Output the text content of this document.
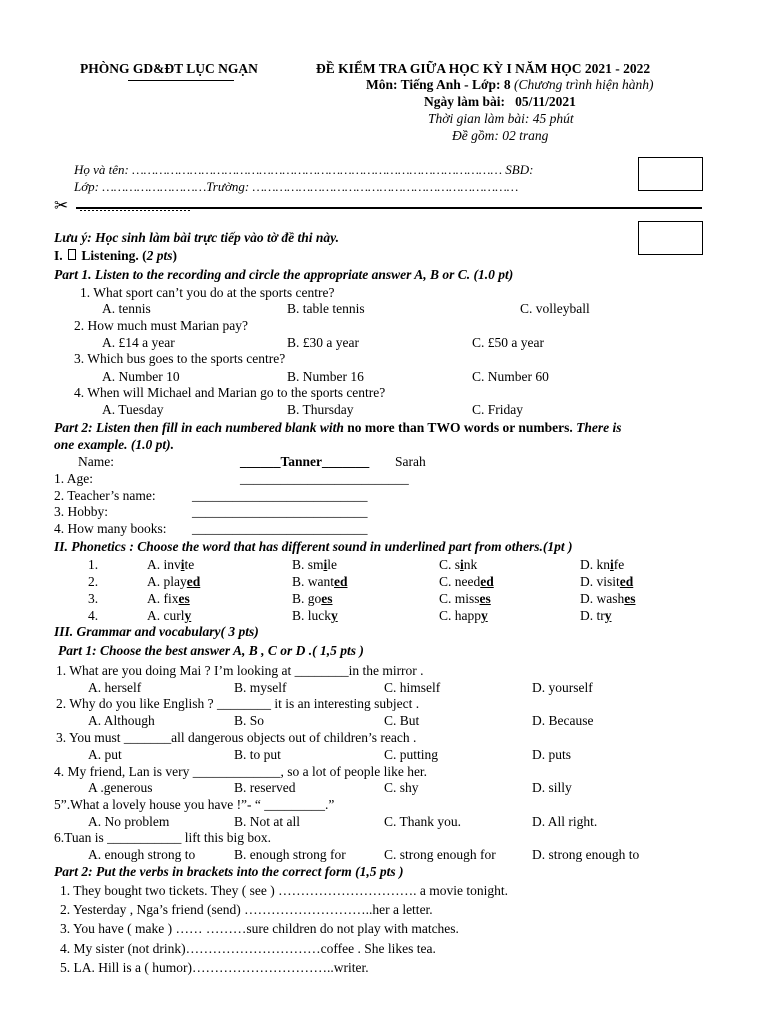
PHÒNG GD&ĐT LỤC NGẠN	ĐỀ KIỂM TRA GIỮA HỌC KỲ I NĂM HỌC 2021 - 2022
Môn: Tiếng Anh - Lớp: 8 (Chương trình hiện hành)
Ngày làm bài: 05/11/2021
Thời gian làm bài: 45 phút
Đề gồm: 02 trang
Họ và tên: …………………………………………………………………………………… SBD:
Lớp: ………………………Trường: ……………………………………………………………
✂
Lưu ý: Học sinh làm bài trực tiếp vào tờ đề thi này.
I.  Listening. (2 pts)
Part 1. Listen to the recording and circle the appropriate answer A, B or C. (1.0 pt)
1. What sport can’t you do at the sports centre?
A. tennis	B. table tennis	C. volleyball
2. How much must Marian pay?
A. £14 a year	B. £30 a year	C. £50 a year
3. Which bus goes to the sports centre?
A. Number 10	B. Number 16	C. Number 60
4. When will Michael and Marian go to the sports centre?
A. Tuesday	B. Thursday	C. Friday
Part 2: Listen then fill in each numbered blank with no more than TWO words or numbers. There is
one example. (1.0 pt).
Name:	______Tanner_______ Sarah
1. Age:	_________________________
2. Teacher’s name:	__________________________
3. Hobby:	__________________________
4. How many books: __________________________
II. Phonetics : Choose the word that has different sound in underlined part from others.(1pt )
1.	A. invite	B. smile	C. sink	D. knife
2.	A. played	B. wanted	C. needed	D. visited
3.	A. fixes	B. goes	C. misses	D. washes
4.	A. curly	B. lucky	C. happy	D. try
III. Grammar and vocabulary( 3 pts)
Part 1: Choose the best answer A, B , C or D .( 1,5 pts )
1. What are you doing Mai ? I’m looking at ________in the mirror .
A. herself	B. myself	C. himself	D. yourself
2. Why do you like English ? ________ it is an interesting subject .
A. Although	B. So	C. But	D. Because
3. You must _______all dangerous objects out of children’s reach .
A. put	B. to put	C. putting	D. puts
4. My friend, Lan is very _____________, so a lot of people like her.
A .generous	B. reserved	C. shy	D. silly
5”.What a lovely house you have !”- “ _________.”
A. No problem	B. Not at all	C. Thank you.	D. All right.
6.Tuan is ___________ lift this big box.
A. enough strong to	B. enough strong for	C. strong enough for	D. strong enough to
Part 2: Put the verbs in brackets into the correct form (1,5 pts )
1. They bought two tickets. They ( see ) …………………………. a movie tonight.
2. Yesterday , Nga’s friend (send) ………………………..her a letter.
3. You have ( make ) …… ………sure children do not play with matches.
4. My sister (not drink)…………………………coffee . She likes tea.
5. LA. Hill is a ( humor)…………………………..writer.
